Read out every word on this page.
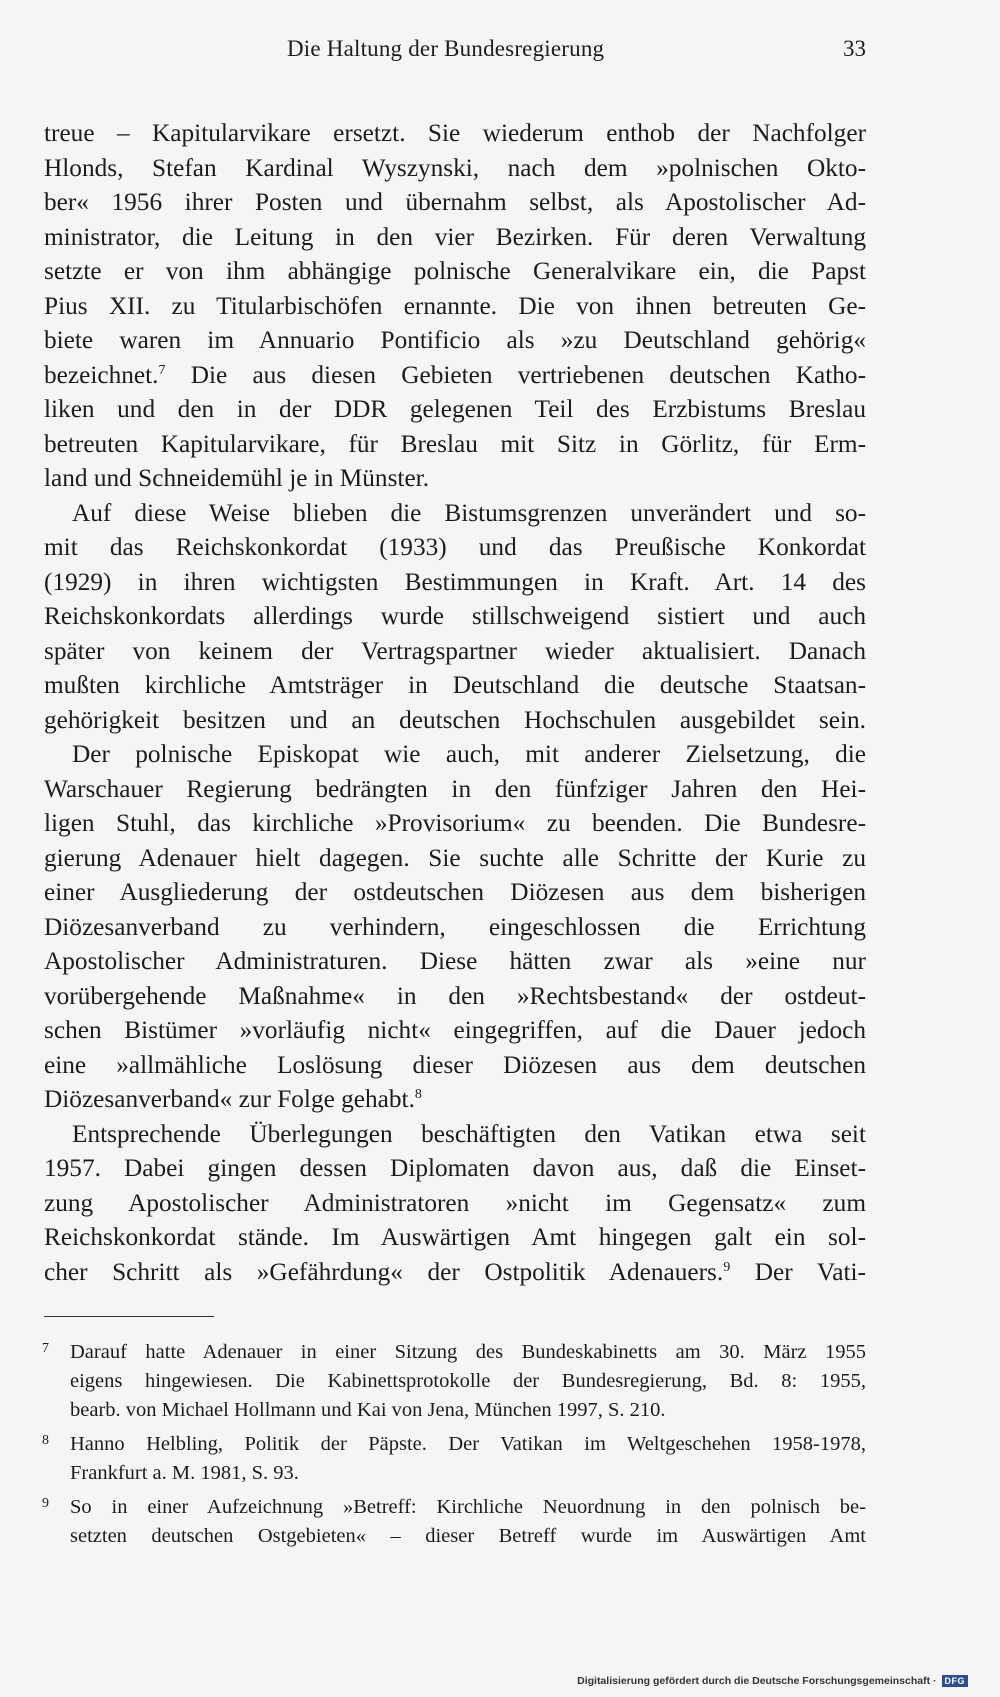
Die Haltung der Bundesregierung	33
treue – Kapitularvikare ersetzt. Sie wiederum enthob der Nachfolger
Hlonds, Stefan Kardinal Wyszynski, nach dem »polnischen Okto-
ber« 1956 ihrer Posten und übernahm selbst, als Apostolischer Ad-
ministrator, die Leitung in den vier Bezirken. Für deren Verwaltung
setzte er von ihm abhängige polnische Generalvikare ein, die Papst
Pius XII. zu Titularbischöfen ernannte. Die von ihnen betreuten Ge-
biete waren im Annuario Pontificio als »zu Deutschland gehörig«
bezeichnet.$^7$ Die aus diesen Gebieten vertriebenen deutschen Katho-
liken und den in der DDR gelegenen Teil des Erzbistums Breslau
betreuten Kapitularvikare, für Breslau mit Sitz in Görlitz, für Erm-
land und Schneidemühl je in Münster.
Auf diese Weise blieben die Bistumsgrenzen unverändert und so-
mit das Reichskonkordat (1933) und das Preußische Konkordat
(1929) in ihren wichtigsten Bestimmungen in Kraft. Art. 14 des
Reichskonkordats allerdings wurde stillschweigend sistiert und auch
später von keinem der Vertragspartner wieder aktualisiert. Danach
mußten kirchliche Amtsträger in Deutschland die deutsche Staatsan-
gehörigkeit besitzen und an deutschen Hochschulen ausgebildet sein.
Der polnische Episkopat wie auch, mit anderer Zielsetzung, die
Warschauer Regierung bedrängten in den fünfziger Jahren den Hei-
ligen Stuhl, das kirchliche »Provisorium« zu beenden. Die Bundesre-
gierung Adenauer hielt dagegen. Sie suchte alle Schritte der Kurie zu
einer Ausgliederung der ostdeutschen Diözesen aus dem bisherigen
Diözesanverband zu verhindern, eingeschlossen die Errichtung
Apostolischer Administraturen. Diese hätten zwar als »eine nur
vorübergehende Maßnahme« in den »Rechtsbestand« der ostdeut-
schen Bistümer »vorläufig nicht« eingegriffen, auf die Dauer jedoch
eine »allmähliche Loslösung dieser Diözesen aus dem deutschen
Diözesanverband« zur Folge gehabt.$^8$
Entsprechende Überlegungen beschäftigten den Vatikan etwa seit
1957. Dabei gingen dessen Diplomaten davon aus, daß die Einset-
zung Apostolischer Administratoren »nicht im Gegensatz« zum
Reichskonkordat stände. Im Auswärtigen Amt hingegen galt ein sol-
cher Schritt als »Gefährdung« der Ostpolitik Adenauers.$^9$ Der Vati-
7 Darauf hatte Adenauer in einer Sitzung des Bundeskabinetts am 30. März 1955
eigens hingewiesen. Die Kabinettsprotokolle der Bundesregierung, Bd. 8: 1955,
bearb. von Michael Hollmann und Kai von Jena, München 1997, S. 210.
8 Hanno Helbling, Politik der Päpste. Der Vatikan im Weltgeschehen 1958-1978,
Frankfurt a. M. 1981, S. 93.
9 So in einer Aufzeichnung »Betreff: Kirchliche Neuordnung in den polnisch be-
setzten deutschen Ostgebieten« – dieser Betreff wurde im Auswärtigen Amt
Digitalisierung gefördert durch die Deutsche Forschungsgemeinschaft · DFG
